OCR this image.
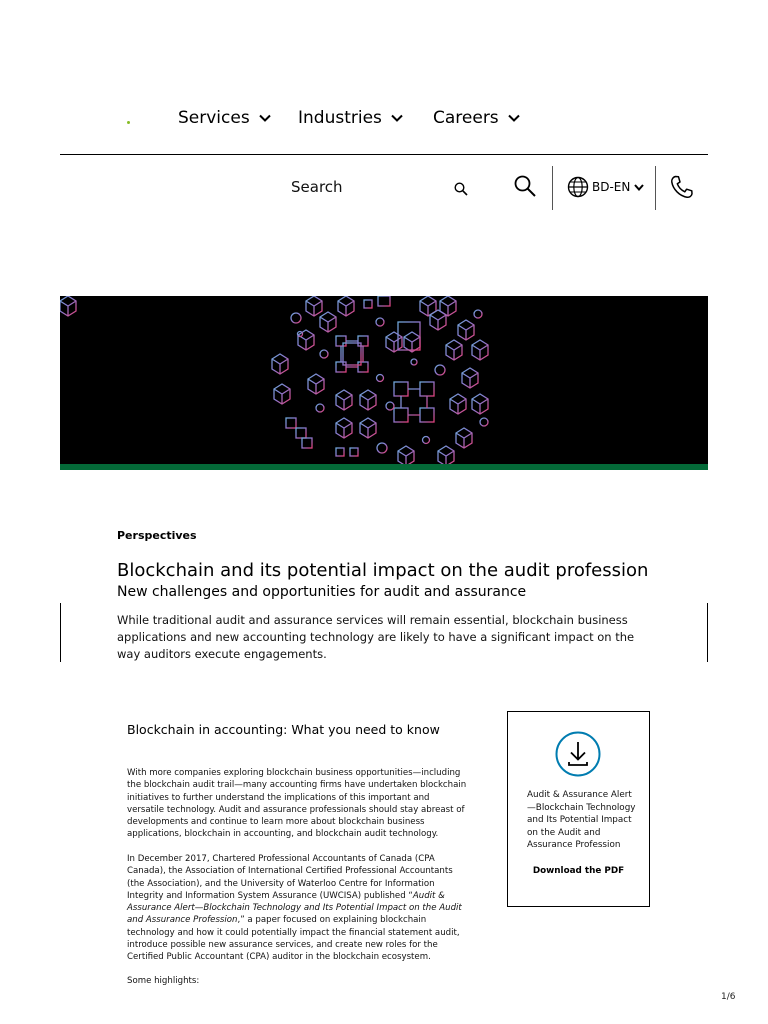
Services	Industries	Careers
Search	BD-EN
Perspectives
Blockchain and its potential impact on the audit profession
New challenges and opportunities for audit and assurance
While traditional audit and assurance services will remain essential, blockchain business applications and new accounting technology are likely to have a significant impact on the way auditors execute engagements.
Blockchain in accounting: What you need to know
With more companies exploring blockchain business opportunities—including the blockchain audit trail—many accounting firms have undertaken blockchain initiatives to further understand the implications of this important and versatile technology. Audit and assurance professionals should stay abreast of developments and continue to learn more about blockchain business applications, blockchain in accounting, and blockchain audit technology.
In December 2017, Chartered Professional Accountants of Canada (CPA Canada), the Association of International Certified Professional Accountants (the Association), and the University of Waterloo Centre for Information Integrity and Information System Assurance (UWCISA) published “Audit & Assurance Alert—Blockchain Technology and Its Potential Impact on the Audit and Assurance Profession,” a paper focused on explaining blockchain technology and how it could potentially impact the financial statement audit, introduce possible new assurance services, and create new roles for the Certified Public Accountant (CPA) auditor in the blockchain ecosystem.
Some highlights:
Audit & Assurance Alert—Blockchain Technology and Its Potential Impact on the Audit and Assurance Profession
Download the PDF
1/6
